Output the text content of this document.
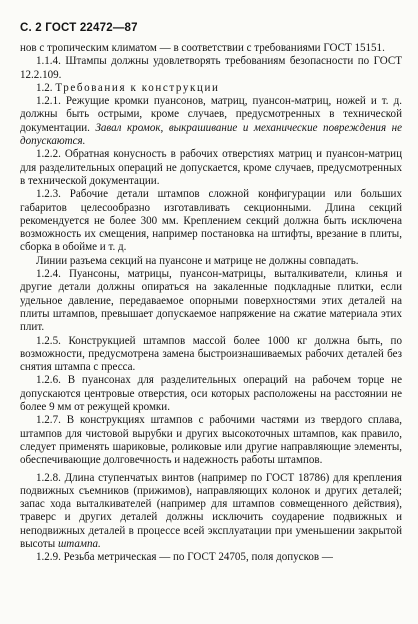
С. 2 ГОСТ 22472—87

нов с тропическим климатом — в соответствии с требованиями ГОСТ 15151.

1.1.4. Штампы должны удовлетворять требованиям безопасности по ГОСТ 12.2.109.

1.2. Требования к конструкции

1.2.1. Режущие кромки пуансонов, матриц, пуансон-матриц, ножей и т. д. должны быть острыми, кроме случаев, предусмотренных в технической документации. Завал кромок, выкрашивание и механические повреждения не допускаются.

1.2.2. Обратная конусность в рабочих отверстиях матриц и пуансон-матриц для разделительных операций не допускается, кроме случаев, предусмотренных в технической документации.

1.2.3. Рабочие детали штампов сложной конфигурации или больших габаритов целесообразно изготавливать секционными. Длина секций рекомендуется не более 300 мм. Креплением секций должна быть исключена возможность их смещения, например постановка на штифты, врезание в плиты, сборка в обойме и т. д.

Линии разъема секций на пуансоне и матрице не должны совпадать.

1.2.4. Пуансоны, матрицы, пуансон-матрицы, выталкиватели, клинья и другие детали должны опираться на закаленные подкладные плитки, если удельное давление, передаваемое опорными поверхностями этих деталей на плиты штампов, превышает допускаемое напряжение на сжатие материала этих плит.

1.2.5. Конструкцией штампов массой более 1000 кг должна быть, по возможности, предусмотрена замена быстроизнашиваемых рабочих деталей без снятия штампа с пресса.

1.2.6. В пуансонах для разделительных операций на рабочем торце не допускаются центровые отверстия, оси которых расположены на расстоянии не более 9 мм от режущей кромки.

1.2.7. В конструкциях штампов с рабочими частями из твердого сплава, штампов для чистовой вырубки и других высокоточных штампов, как правило, следует применять шариковые, роликовые или другие направляющие элементы, обеспечивающие долговечность и надежность работы штампов.

1.2.8. Длина ступенчатых винтов (например по ГОСТ 18786) для крепления подвижных съемников (прижимов), направляющих колонок и других деталей; запас хода выталкивателей (например для штампов совмещенного действия), траверс и других деталей должны исключить соударение подвижных и неподвижных деталей в процессе всей эксплуатации при уменьшении закрытой высоты штампа.

1.2.9. Резьба метрическая — по ГОСТ 24705, поля допусков —
